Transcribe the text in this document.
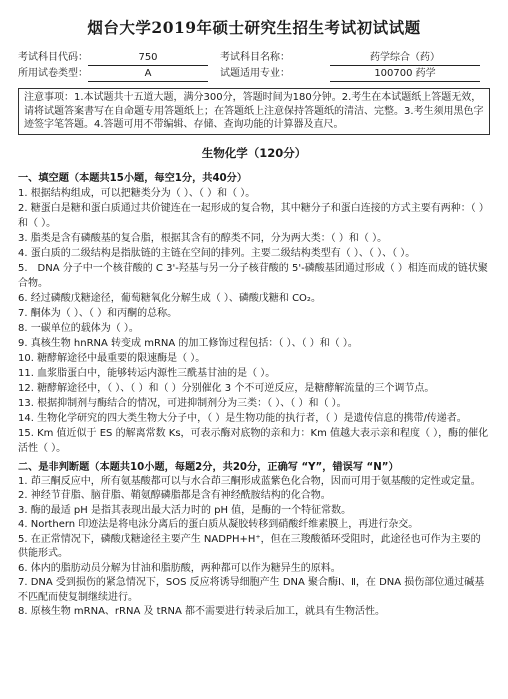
烟台大学2019年硕士研究生招生考试初试试题
考试科目代码：	750	考试科目名称：	药学综合（药）
所用试卷类型：	A	试题适用专业：	100700 药学
注意事项：1.本试题共十五道大题，满分300分，答题时间为180分钟。2.考生在本试题纸上答题无效，请将试题答案書写在自命题专用答题纸上；在答题纸上注意保持答题纸的清洁、完整。3.考生须用黑色字迹签字笔答题。4.答题可用不带编辑、存储、查询功能的计算器及直尺。
生物化学（120分）
一、填空题（本题共15小题，每空1分，共40分）
1. 根据结构组成，可以把糖类分为（ ）、（ ）和（ ）。
2. 糖蛋白是糖和蛋白质通过共价键连在一起形成的复合物，其中糖分子和蛋白连接的方式主要有两种：（ ）和（ ）。
3. 脂类是含有磷酸基的复合脂，根据其含有的醇类不同，分为两大类：（ ）和（ ）。
4. 蛋白质的二级结构是指肽链的主链在空间的排列。主要二级结构类型有（ ）、（ ）、（ ）。
5.　DNA 分子中一个核苷酸的 C 3'-羟基与另一分子核苷酸的 5'-磷酸基团通过形成（ ）相连而成的链状聚合物。
6. 经过磷酸戊糖途径，葡萄糖氧化分解生成（ ）、磷酸戊糖和 CO₂。
7. 酮体为（ ）、（ ）和丙酮的总称。
8. 一碳单位的载体为（ ）。
9. 真核生物 hnRNA 转变成 mRNA 的加工修饰过程包括：（ ）、（ ）和（ ）。
10. 糖酵解途径中最重要的限速酶是（ ）。
11. 血浆脂蛋白中，能够转运内源性三酰基甘油的是（ ）。
12. 糖酵解途径中，（ ）、（ ）和（ ）分别催化 3 个不可逆反应，是糖酵解流量的三个调节点。
13. 根据抑制剂与酶结合的情况，可进抑制剂分为三类：（ ）、（ ）和（ ）。
14. 生物化学研究的四大类生物大分子中，（ ）是生物功能的执行者，（ ）是遗传信息的携带/传递者。
15. Km 值近似于 ES 的解离常数 Ks，可表示酶对底物的亲和力：Km 值越大表示亲和程度（ ），酶的催化活性（ ）。
二、是非判断题（本题共10小题，每题2分，共20分，正确写 “Y”，错误写 “N”）
1. 茚三酮反应中，所有氨基酸都可以与水合茚三酮形成蓝紫色化合物，因而可用于氨基酸的定性或定量。
2. 神经节苷脂、脑苷脂、鞘氨醇磷脂都是含有神经酰胺结构的化合物。
3. 酶的最适 pH 是指其表现出最大活力时的 pH 值，是酶的一个特征常数。
4. Northern 印迹法是将电泳分离后的蛋白质从凝胶转移到硝酸纤维素膜上，再进行杂交。
5. 在正常情况下，磷酸戊糖途径主要产生 NADPH+H⁺，但在三羧酸循环受阻时，此途径也可作为主要的供能形式。
6. 体内的脂肪动员分解为甘油和脂肪酸，两种都可以作为糖异生的原料。
7. DNA 受到损伤的紧急情况下，SOS 反应将诱导细胞产生 DNA 聚合酶Ⅰ、Ⅱ，在 DNA 损伤部位通过碱基不匹配而使复制继续进行。
8. 原核生物 mRNA、rRNA 及 tRNA 都不需要进行转录后加工，就具有生物活性。
